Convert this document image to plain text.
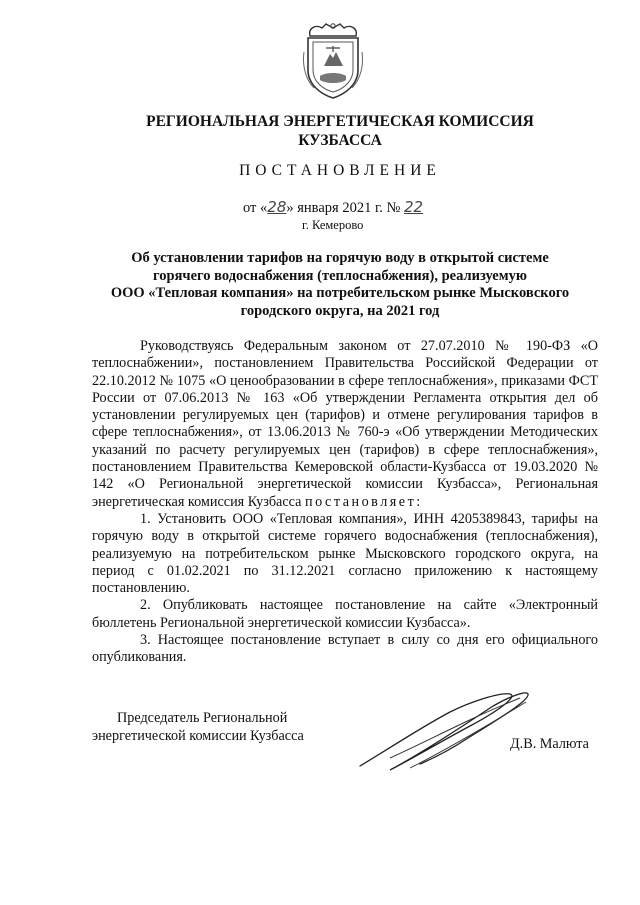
РЕГИОНАЛЬНАЯ ЭНЕРГЕТИЧЕСКАЯ КОМИССИЯ
КУЗБАССА
ПОСТАНОВЛЕНИЕ
от «28» января 2021 г. № 22
г. Кемерово
Об установлении тарифов на горячую воду в открытой системе
горячего водоснабжения (теплоснабжения), реализуемую
ООО «Тепловая компания» на потребительском рынке Мысковского
городского округа, на 2021 год

Руководствуясь Федеральным законом от 27.07.2010 № 190-ФЗ «О теплоснабжении», постановлением Правительства Российской Федерации от 22.10.2012 № 1075 «О ценообразовании в сфере теплоснабжения», приказами ФСТ России от 07.06.2013 № 163 «Об утверждении Регламента открытия дел об установлении регулируемых цен (тарифов) и отмене регулирования тарифов в сфере теплоснабжения», от 13.06.2013 № 760-э «Об утверждении Методических указаний по расчету регулируемых цен (тарифов) в сфере теплоснабжения», постановлением Правительства Кемеровской области-Кузбасса от 19.03.2020 № 142 «О Региональной энергетической комиссии Кузбасса», Региональная энергетическая комиссия Кузбасса постановляет:

1. Установить ООО «Тепловая компания», ИНН 4205389843, тарифы на горячую воду в открытой системе горячего водоснабжения (теплоснабжения), реализуемую на потребительском рынке Мысковского городского округа, на период с 01.02.2021 по 31.12.2021 согласно приложению к настоящему постановлению.

2. Опубликовать настоящее постановление на сайте «Электронный бюллетень Региональной энергетической комиссии Кузбасса».

3. Настоящее постановление вступает в силу со дня его официального опубликования.

Председатель Региональной
энергетической комиссии Кузбасса
Д.В. Малюта
